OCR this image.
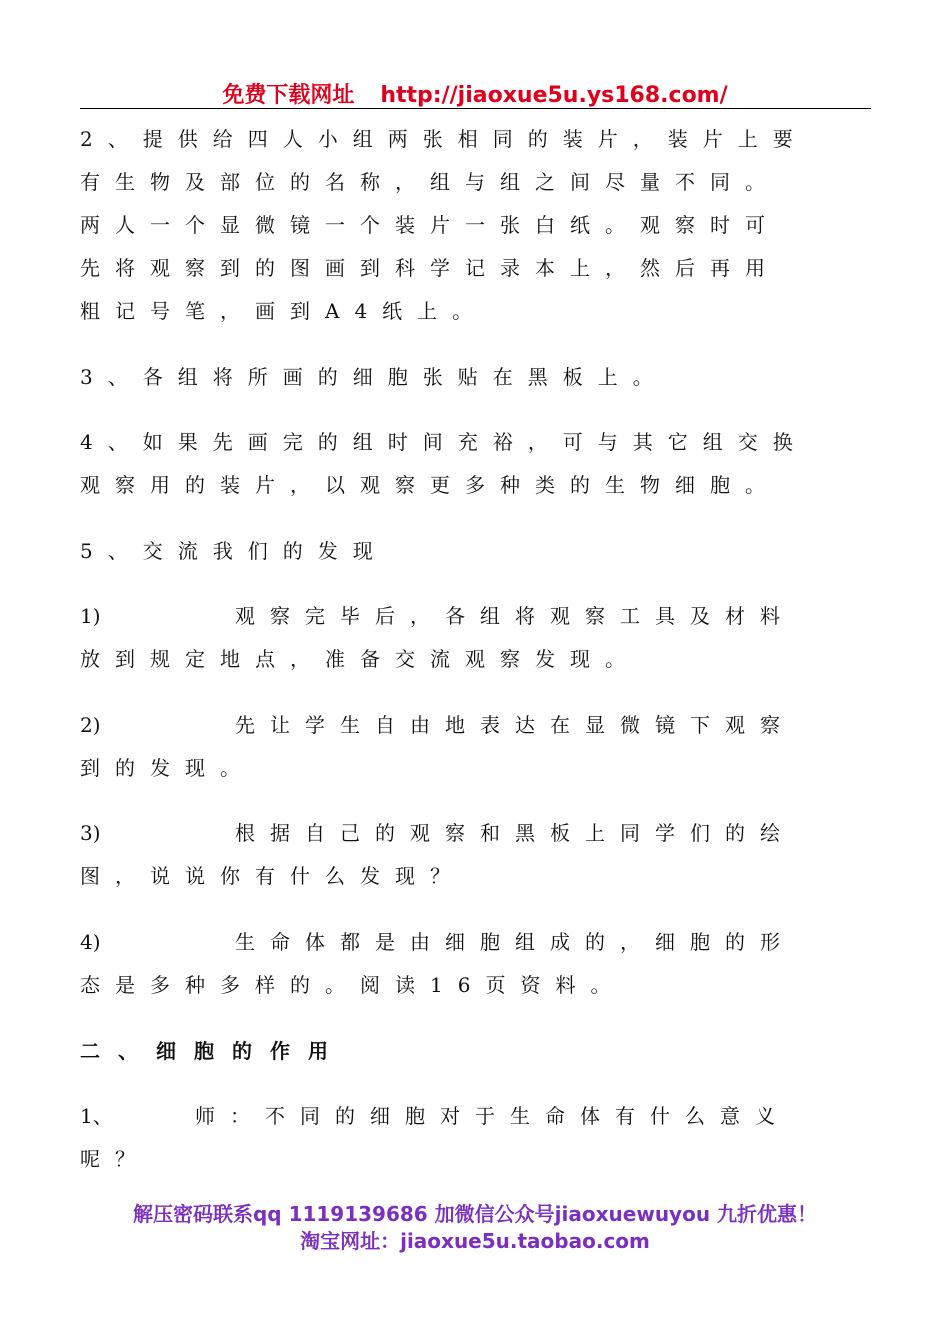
免费下载网址 http://jiaoxue5u.ys168.com/
2、提供给四人小组两张相同的装片，装片上要
有生物及部位的名称，组与组之间尽量不同。
两人一个显微镜一个装片一张白纸。观察时可
先将观察到的图画到科学记录本上，然后再用
粗记号笔，画到A4纸上。
3、各组将所画的细胞张贴在黑板上。
4、如果先画完的组时间充裕，可与其它组交换
观察用的装片，以观察更多种类的生物细胞。
5、交流我们的发现
1)	观察完毕后，各组将观察工具及材料
放到规定地点，准备交流观察发现。
2)	先让学生自由地表达在显微镜下观察
到的发现。
3)	根据自己的观察和黑板上同学们的绘
图，说说你有什么发现？
4)	生命体都是由细胞组成的，细胞的形
态是多种多样的。阅读16页资料。
二、细胞的作用
1、	师：不同的细胞对于生命体有什么意义
呢？
解压密码联系qq 1119139686 加微信公众号jiaoxuewuyou 九折优惠！
淘宝网址：jiaoxue5u.taobao.com
